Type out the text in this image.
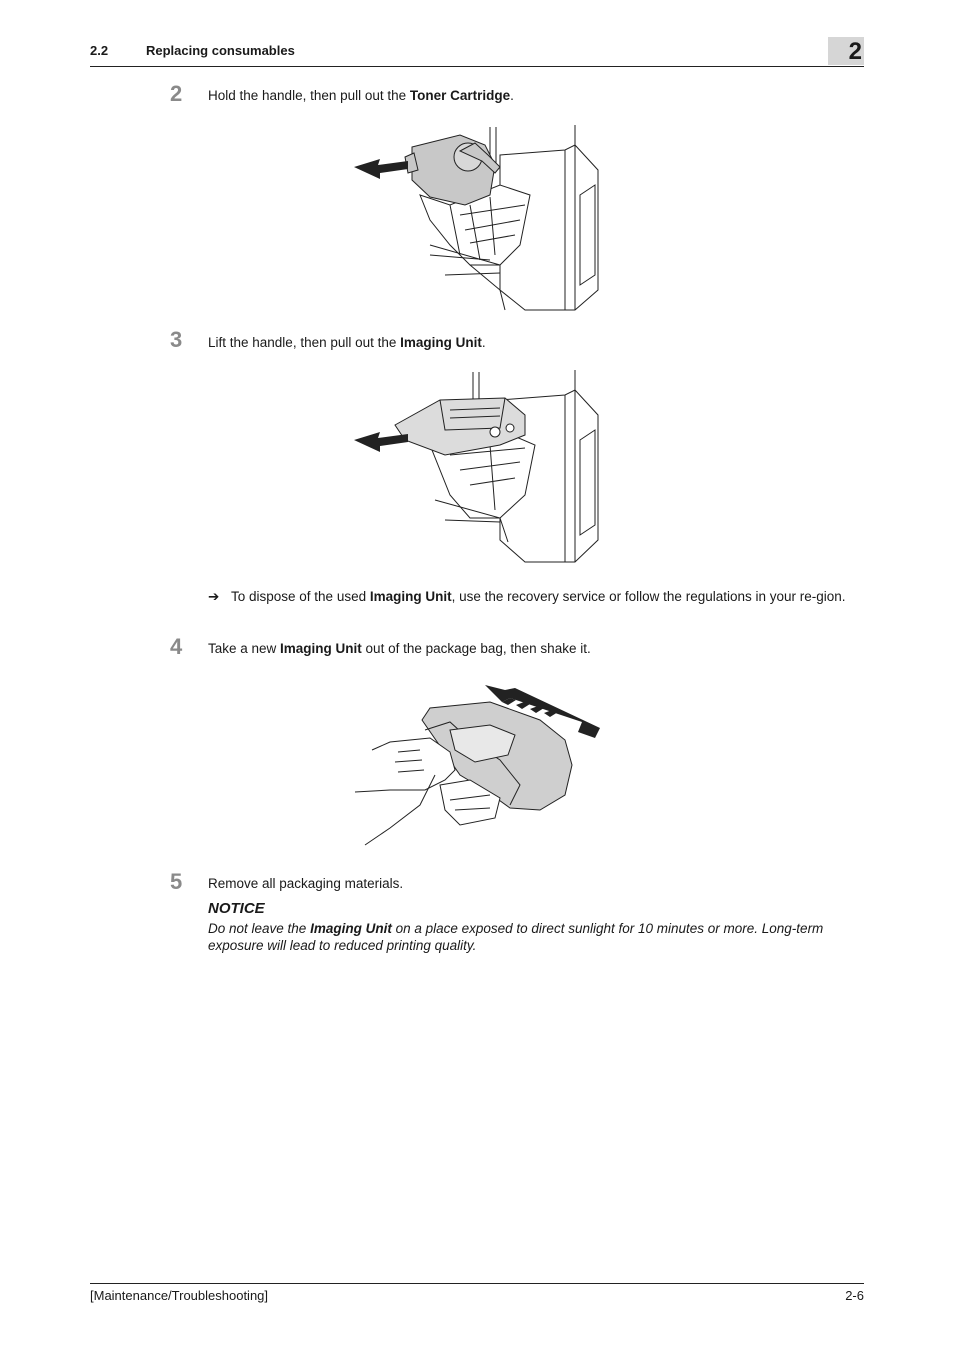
2.2	Replacing consumables	2
2 Hold the handle, then pull out the Toner Cartridge.
3 Lift the handle, then pull out the Imaging Unit.
➔ To dispose of the used Imaging Unit, use the recovery service or follow the regulations in your re-gion.
4 Take a new Imaging Unit out of the package bag, then shake it.
5 Remove all packaging materials.
NOTICE
Do not leave the Imaging Unit on a place exposed to direct sunlight for 10 minutes or more. Long-term exposure will lead to reduced printing quality.
[Maintenance/Troubleshooting]	2-6
